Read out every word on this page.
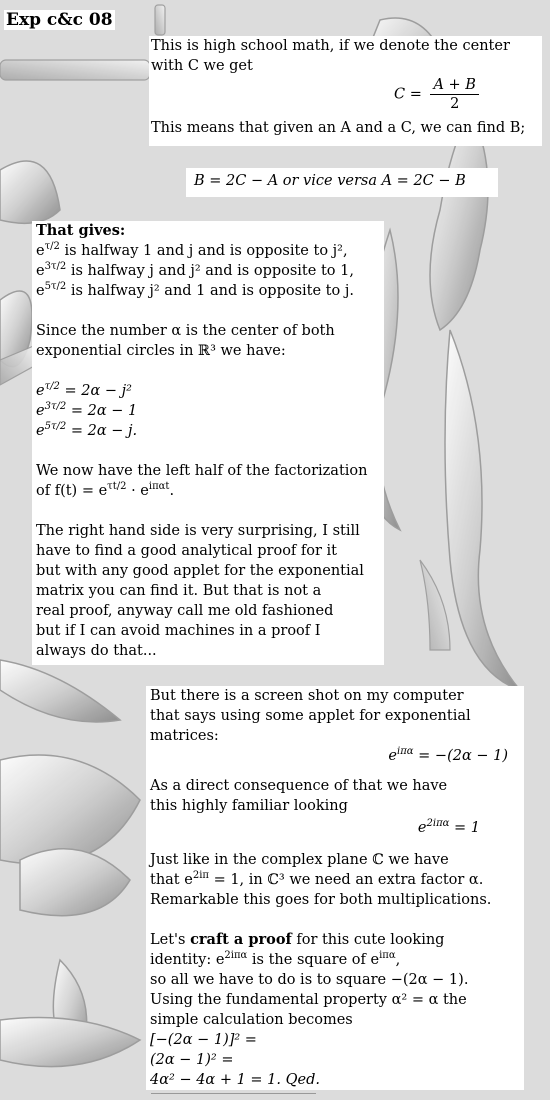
Exp c&c 08

This is high school math, if we denote the center

with C we get

$C = \frac{A + B}{2}$

This means that given an A and a C, we can find B;

B = 2C − A or vice versa A = 2C − B

That gives:

$e^{\tau/2}$ is halfway 1 and j and is opposite to j²,

$e^{3\tau/2}$ is halfway j and j² and is opposite to 1,

$e^{5\tau/2}$ is halfway j² and 1 and is opposite to j.

Since the number α is the center of both

exponential circles in ℝ³ we have:

$e^{\tau/2} = 2\alpha - j^2$

$e^{3\tau/2} = 2\alpha - 1$

$e^{5\tau/2} = 2\alpha - j$.

We now have the left half of the factorization

of $f(t) = e^{\tau t/2} \cdot e^{i\pi\alpha t}$.

The right hand side is very surprising, I still

have to find a good analytical proof for it

but with any good applet for the exponential

matrix you can find it. But that is not a

real proof, anyway call me old fashioned

but if I can avoid machines in a proof I

always do that...

But there is a screen shot on my computer

that says using some applet for exponential

matrices:

$e^{i\pi\alpha} = -(2\alpha - 1)$

As a direct consequence of that we have

this highly familiar looking

$e^{2i\pi\alpha} = 1$

Just like in the complex plane ℂ we have

that $e^{2i\pi} = 1$, in ℂ³ we need an extra factor α.

Remarkable this goes for both multiplications.

Let's craft a proof for this cute looking

identity: $e^{2i\pi\alpha}$ is the square of $e^{i\pi\alpha}$,

so all we have to do is to square −(2α − 1).

Using the fundamental property α² = α the

simple calculation becomes

[−(2α − 1)]² =

(2α − 1)² =

4α² − 4α + 1 = 1. Qed.
